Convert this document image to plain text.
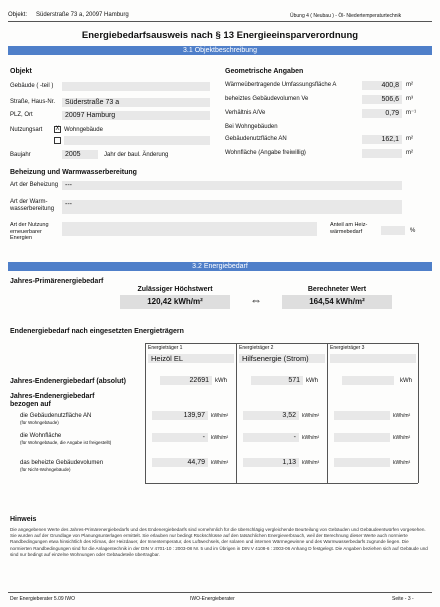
Objekt: Süderstraße 73 a, 20097 Hamburg	Übung 4 ( Neubau ) - Öl- Niedertemperaturtechnik
Energiebedarfsausweis nach § 13 Energieeinsparverordnung
3.1 Objektbeschreibung
Objekt
Gebäude ( -teil )
Straße, Haus-Nr.	Süderstraße 73 a
PLZ, Ort	20097 Hamburg
Nutzungsart X Wohngebäude
Baujahr	2005	Jahr der baul. Änderung
Geometrische Angaben
Wärmeübertragende Umfassungsfläche A	400,8	m²
beheiztes Gebäudevolumen Ve	506,6	m³
Verhältnis A/Ve	0,79	m⁻¹
Bei Wohngebäuden
Gebäudenutzfläche AN	162,1	m²
Wohnfläche (Angabe freiwillig)	m²
Beheizung und Warmwasserbereitung
Art der Beheizung ---
Art der Warm-wasserbereitung
---
Art der Nutzung erneuerbarer Energien
Anteil am Heiz-wärmebedarf	%
3.2 Energiebedarf
Jahres-Primärenergiebedarf
Zulässiger Höchstwert
120,42 kWh/m²	⇔
Berechneter Wert
164,54 kWh/m²
Endenergiebedarf nach eingesetzten Energieträgern
Energieträger 1	Energieträger 2	Energieträger 3
Heizöl EL	Hilfsenergie (Strom)
Jahres-Endenergiebedarf (absolut)	22691	kWh	571	kWh	kWh
Jahres-Endenergiebedarf bezogen auf
die Gebäudenutzfläche AN
(für Wohngebäude)
139,97	kWh/m²	3,52	kWh/m²	kWh/m²
die Wohnfläche
(für Wohngebäude, die Angabe ist freigestellt)
-	kWh/m²	-	kWh/m²	kWh/m²
das beheizte Gebäudevolumen
(für Nicht-Wohngebäude)
44,79	kWh/m³	1,13	kWh/m³	kWh/m³
Hinweis
Die angegebenen Werte des Jahres-Primärenergiebedarfs und des Endenergiebedarfs sind vornehmlich für die überschlägig vergleichende Beurteilung von Gebäuden und Gebäudeentwürfen vorgesehen. Sie wurden auf der Grundlage von Planungsunterlagen ermittelt. Sie erlauben nur bedingt Rückschlüsse auf den tatsächlichen Energieverbrauch, weil der Berechnung dieser Werte auch normierte Randbedingungen etwa hinsichtlich des Klimas, der Heizdauer, der Innentemperatur, des Luftwechsels, der solaren und internen Wärmegewinne und des Warmwasserbedarfs zugrunde liegen. Die normierten Randbedingungen sind für die Anlagentechnik in der DIN V 4701-10 : 2003-08 Nr. 5 und im Übrigen in DIN V 4108-6 : 2003-06 Anhang D festgelegt. Die Angaben beziehen sich auf Gebäude und sind nur bedingt auf einzelne Wohnungen oder Gebäudeteile übertragbar.
Der Energieberater 5.09 IWO	IWO-Energieberater	Seite - 3 -
